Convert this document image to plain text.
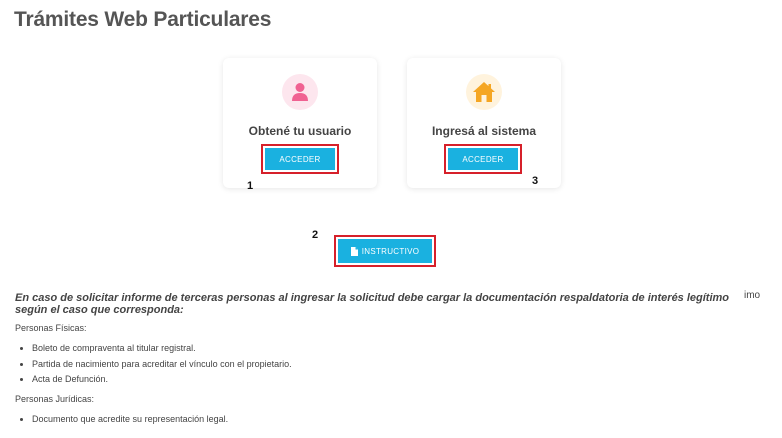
Trámites Web Particulares
Obtené tu usuario	Ingresá al sistema
ACCEDER	ACCEDER
1	3
2
INSTRUCTIVO
En caso de solicitar informe de terceras personas al ingresar la solicitud debe cargar la documentación respaldatoria de interés legítimo según el caso que corresponda:
imo
Personas Físicas:
• Boleto de compraventa al titular registral.
• Partida de nacimiento para acreditar el vínculo con el propietario.
• Acta de Defunción.
Personas Jurídicas:
• Documento que acredite su representación legal.
